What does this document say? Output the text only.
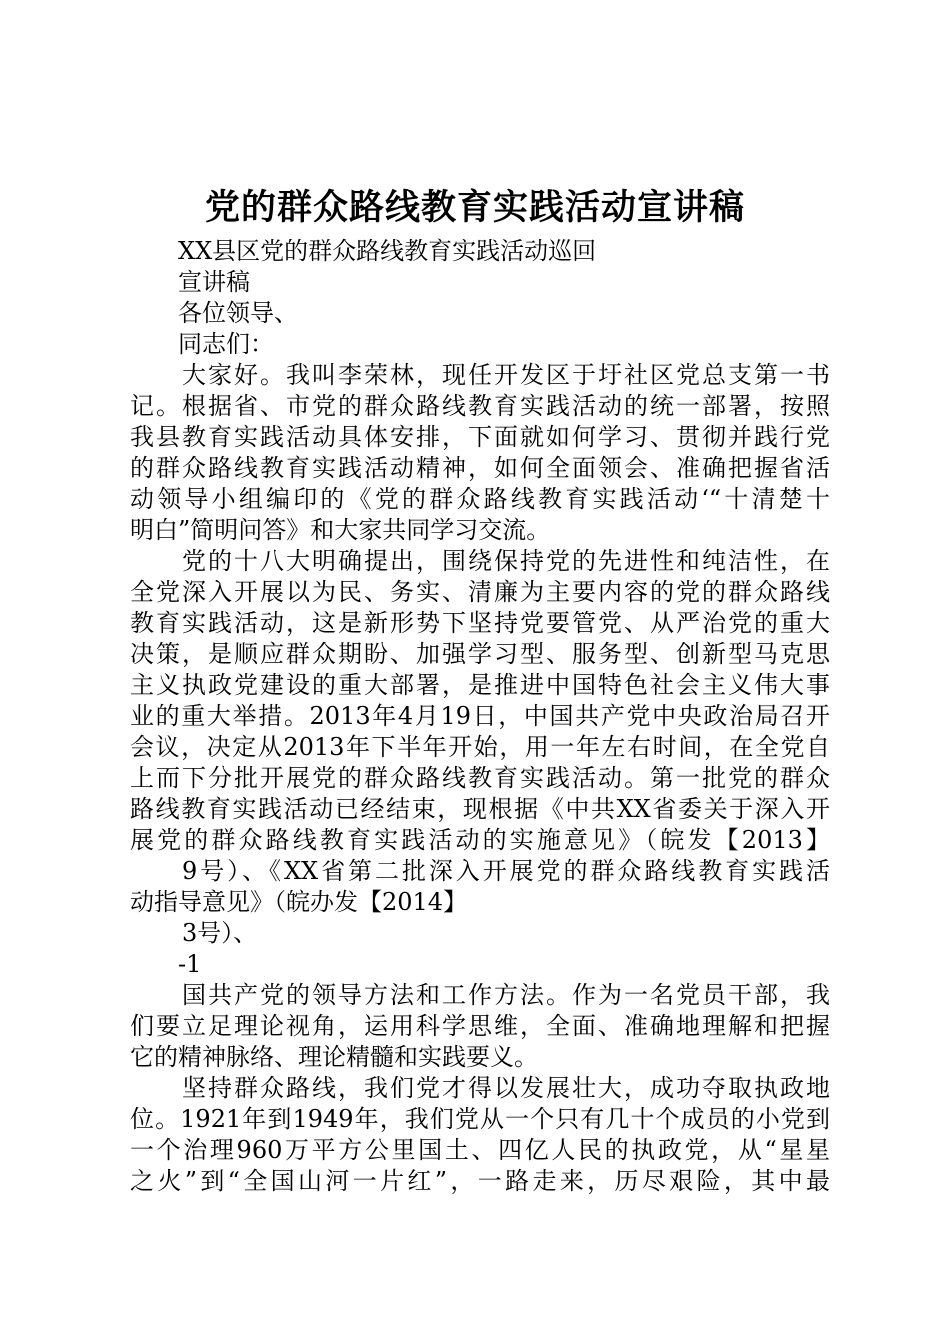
党的群众路线教育实践活动宣讲稿
XX县区党的群众路线教育实践活动巡回
宣讲稿
各位领导、
同志们：
大家好。我叫李荣林，现任开发区于圩社区党总支第一书
记。根据省、市党的群众路线教育实践活动的统一部署，按照
我县教育实践活动具体安排，下面就如何学习、贯彻并践行党
的群众路线教育实践活动精神，如何全面领会、准确把握省活
动领导小组编印的《党的群众路线教育实践活动‘“十清楚十
明白”简明问答》和大家共同学习交流。
党的十八大明确提出，围绕保持党的先进性和纯洁性，在
全党深入开展以为民、务实、清廉为主要内容的党的群众路线
教育实践活动，这是新形势下坚持党要管党、从严治党的重大
决策，是顺应群众期盼、加强学习型、服务型、创新型马克思
主义执政党建设的重大部署，是推进中国特色社会主义伟大事
业的重大举措。2013年4月19日，中国共产党中央政治局召开
会议，决定从2013年下半年开始，用一年左右时间，在全党自
上而下分批开展党的群众路线教育实践活动。第一批党的群众
路线教育实践活动已经结束，现根据《中共XX省委关于深入开
展党的群众路线教育实践活动的实施意见》（皖发【2013】
9号）、《XX省第二批深入开展党的群众路线教育实践活
动指导意见》（皖办发【2014】
3号）、
-1
国共产党的领导方法和工作方法。作为一名党员干部，我
们要立足理论视角，运用科学思维，全面、准确地理解和把握
它的精神脉络、理论精髓和实践要义。
坚持群众路线，我们党才得以发展壮大，成功夺取执政地
位。1921年到1949年，我们党从一个只有几十个成员的小党到
一个治理960万平方公里国土、四亿人民的执政党，从“星星
之火”到“全国山河一片红”，一路走来，历尽艰险，其中最
